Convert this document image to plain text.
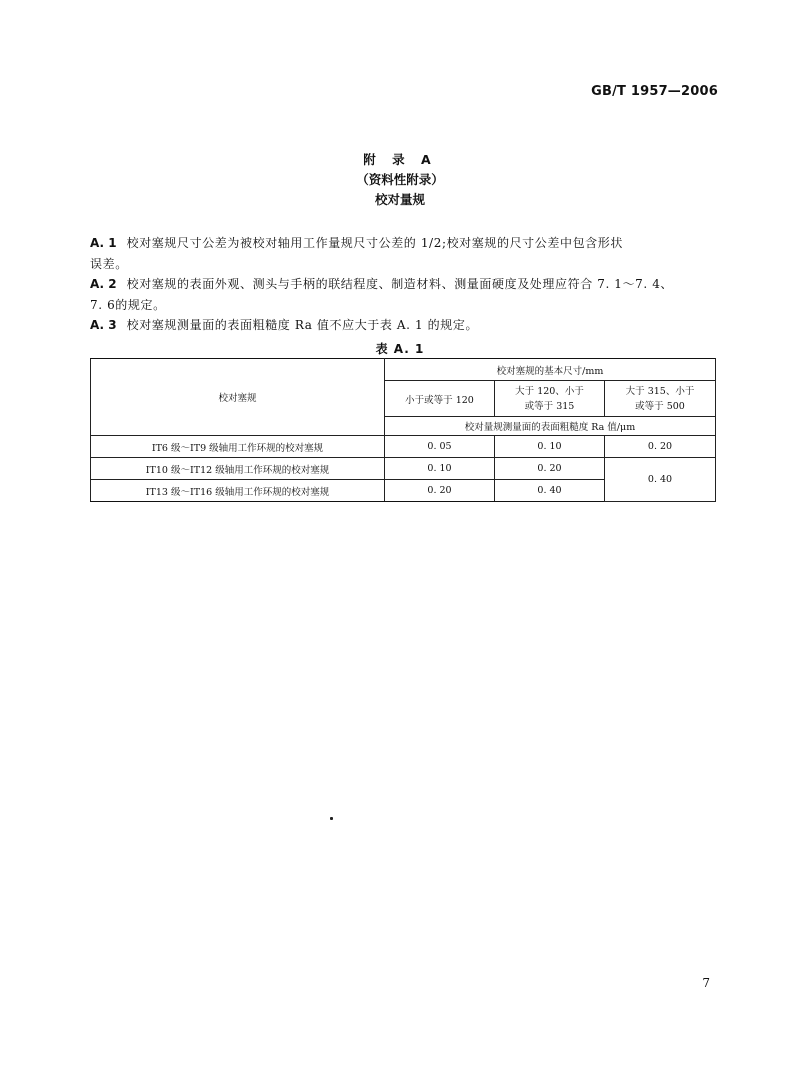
GB/T 1957—2006
附 录 A
（资料性附录）
校对量规

A. 1 校对塞规尺寸公差为被校对轴用工作量规尺寸公差的 1/2;校对塞规的尺寸公差中包含形状
误差。

A. 2 校对塞规的表面外观、测头与手柄的联结程度、制造材料、测量面硬度及处理应符合 7. 1～7. 4、
7. 6的规定。

A. 3 校对塞规测量面的表面粗糙度 Ra 值不应大于表 A. 1 的规定。

表 A. 1
校对塞规	校对塞规的基本尺寸/mm		
	小于或等于 120	大于 120、小于
或等于 315	大于 315、小于
或等于 500
	校对量规测量面的表面粗糙度 Ra 值/μm		
IT6 级～IT9 级轴用工作环规的校对塞规	0. 05	0. 10	0. 20
IT10 级～IT12 级轴用工作环规的校对塞规	0. 10	0. 20	0. 40
IT13 级～IT16 级轴用工作环规的校对塞规	0. 20	0. 40	
7
